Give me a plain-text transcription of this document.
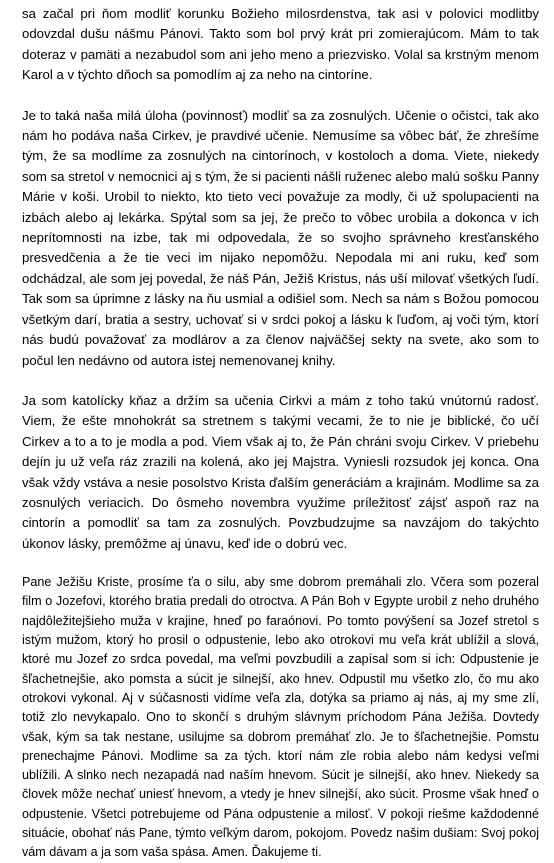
sa začal pri ňom modliť korunku Božieho milosrdenstva, tak asi v polovici modlitby odovzdal dušu nášmu Pánovi. Takto som bol prvý krát pri zomierajúcom. Mám to tak doteraz v pamäti a nezabudol som ani jeho meno a priezvisko. Volal sa krstným menom Karol a v týchto dňoch sa pomodlím aj za neho na cintoríne.

Je to taká naša milá úloha (povinnosť) modliť sa za zosnulých. Učenie o očistci, tak ako nám ho podáva naša Cirkev, je pravdivé učenie. Nemusíme sa vôbec báť, že zhrešíme tým, že sa modlíme za zosnulých na cintorínoch, v kostoloch a doma. Viete, niekedy som sa stretol v nemocnici aj s tým, že si pacienti nášli ruženec alebo malú sošku Panny Márie v koši. Urobil to niekto, kto tieto veci považuje za modly, či už spolupacienti na izbách alebo aj lekárka. Spýtal som sa jej, že prečo to vôbec urobila a dokonca v ich neprítomnosti na izbe, tak mi odpovedala, že so svojho správneho kresťanského presvedčenia a že tie veci im nijako nepomôžu. Nepodala mi ani ruku, keď som odchádzal, ale som jej povedal, že náš Pán, Ježiš Kristus, nás uší milovať všetkých ľudí. Tak som sa úprimne z lásky na ňu usmial a odišiel som. Nech sa nám s Božou pomocou všetkým darí, bratia a sestry, uchovať si v srdci pokoj a lásku k ľuďom, aj voči tým, ktorí nás budú považovať za modlárov a za členov najväčšej sekty na svete, ako som to počul len nedávno od autora istej nemenovanej knihy.

Ja som katolícky kňaz a držím sa učenia Cirkvi a mám z toho takú vnútornú radosť. Viem, že ešte mnohokrát sa stretnem s takými vecami, že to nie je biblické, čo učí Cirkev a to a to je modla a pod. Viem však aj to, že Pán chráni svoju Cirkev. V priebehu dejín ju už veľa ráz zrazili na kolená, ako jej Majstra. Vyniesli rozsudok jej konca. Ona však vždy vstáva a nesie posolstvo Krista ďalším generáciám a krajinám. Modlime sa za zosnulých veriacich. Do ôsmeho novembra využime príležitosť zájsť aspoň raz na cintorín a pomodliť sa tam za zosnulých. Povzbudzujme sa navzájom do takýchto úkonov lásky, premôžme aj únavu, keď ide o dobrú vec.

Pane Ježišu Kriste, prosíme ťa o silu, aby sme dobrom premáhali zlo. Včera som pozeral film o Jozefovi, ktorého bratia predali do otroctva. A Pán Boh v Egypte urobil z neho druhého najdôležitejšieho muža v krajine, hneď po faraónovi. Po tomto povýšení sa Jozef stretol s istým mužom, ktorý ho prosil o odpustenie, lebo ako otrokovi mu veľa krát ublížil a slová, ktoré mu Jozef zo srdca povedal, ma veľmi povzbudili a zapísal som si ich: Odpustenie je šľachetnejšie, ako pomsta a súcit je silnejší, ako hnev. Odpustil mu všetko zlo, čo mu ako otrokovi vykonal. Aj v súčasnosti vidíme veľa zla, dotýka sa priamo aj nás, aj my sme zlí, totiž zlo nevykapalo. Ono to skončí s druhým slávnym príchodom Pána Ježiša. Dovtedy však, kým sa tak nestane, usilujme sa dobrom premáhať zlo. Je to šľachetnejšie. Pomstu prenechajme Pánovi. Modlime sa za tých. ktorí nám zle robia alebo nám kedysi veľmi ublížili. A slnko nech nezapadá nad naším hnevom. Súcit je silnejší, ako hnev. Niekedy sa človek môže nechať uniesť hnevom, a vtedy je hnev silnejší, ako súcit. Prosme však hneď o odpustenie. Všetci potrebujeme od Pána odpustenie a milosť. V pokoji riešme každodenné situácie, obohať nás Pane, týmto veľkým darom, pokojom. Povedz našim dušiam: Svoj pokoj vám dávam a ja som vaša spása. Amen. Ďakujeme ti.
